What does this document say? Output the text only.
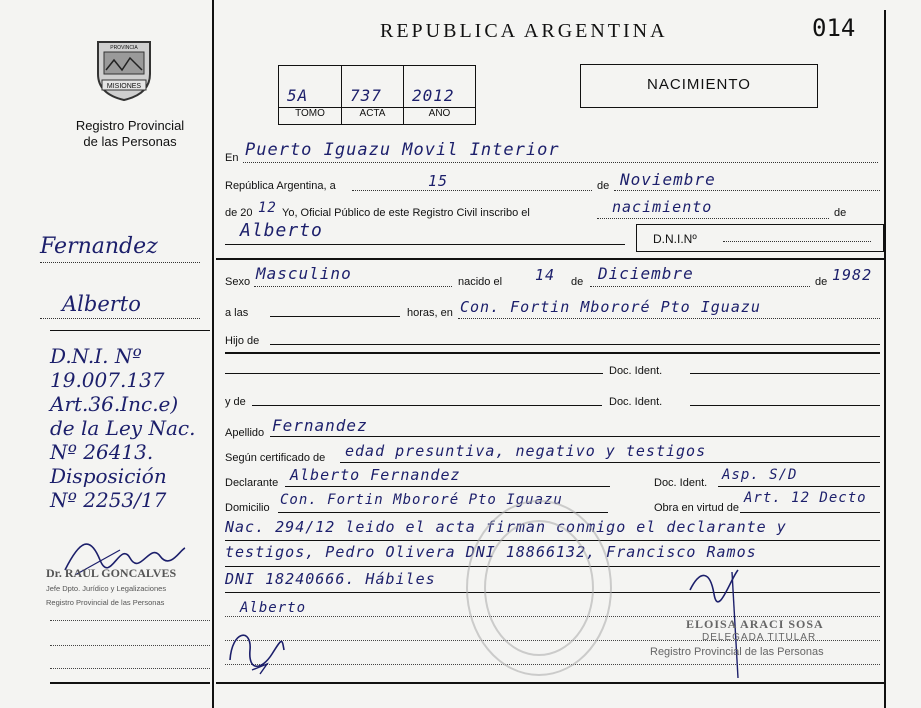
REPUBLICA ARGENTINA	014
MISIONES
PROVINCIA
Registro Provincial
de las Personas
Fernandez
Alberto
D.N.I. Nº
19.007.137
Art.36.Inc.e)
de la Ley Nac.
Nº 26413.
Disposición
Nº 2253/17
Dr. RAUL GONCALVES
Jefe Dpto. Jurídico y Legalizaciones
Registro Provincial de las Personas
5A	737 2012
TOMO	ACTA	AÑO
NACIMIENTO
En Puerto Iguazu Movil Interior
República Argentina, a	15	de Noviembre
de 20 12 Yo, Oficial Público de este Registro Civil inscribo el	nacimiento	de
Alberto	D.N.I.Nº
Sexo Masculino	nacido el 14 de Diciembre	de 1982
a las	horas, en Con. Fortin Mbororé Pto Iguazu
Hijo de
Doc. Ident.
y de	Doc. Ident.
Apellido Fernandez
Según certificado de edad presuntiva, negativo y testigos
Declarante Alberto Fernandez	Doc. Ident. Asp. S/D
Domicilio Con. Fortin Mbororé Pto Iguazu	Obra en virtud de
Art. 12 Decto
Nac. 294/12 leido el acta firman conmigo el declarante y
testigos, Pedro Olivera DNI 18866132, Francisco Ramos
DNI 18240666. Hábiles
Alberto
ELOISA ARACI SOSA
DELEGADA TITULAR
Registro Provincial de las Personas
